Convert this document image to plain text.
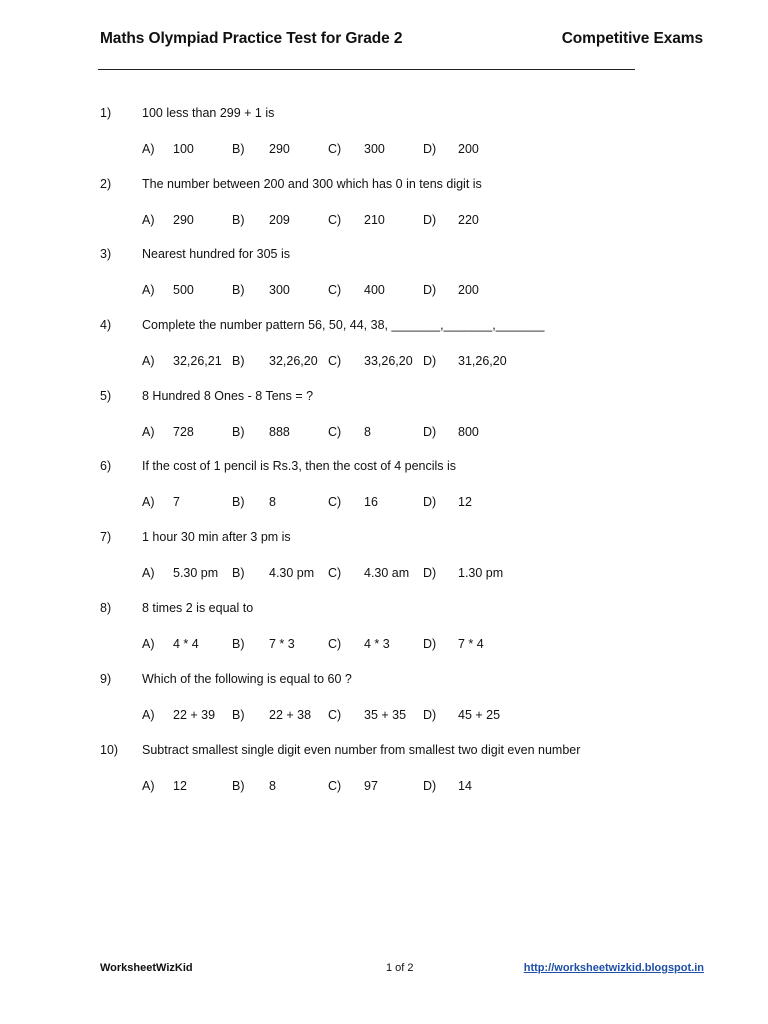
Maths Olympiad Practice Test for Grade 2	Competitive Exams
1) 100 less than 299 + 1 is
A) 100	B) 290	C) 300	D) 200
2) The number between 200 and 300 which has 0 in tens digit is
A) 290	B) 209	C) 210	D) 220
3) Nearest hundred for 305 is
A) 500	B) 300	C) 400	D) 200
4) Complete the number pattern 56, 50, 44, 38, _______,_______,_______
A) 32,26,21 B) 32,26,20 C) 33,26,20 D) 31,26,20
5) 8 Hundred 8 Ones - 8 Tens = ?
A) 728	B) 888	C) 8	D) 800
6) If the cost of 1 pencil is Rs.3, then the cost of 4 pencils is
A) 7	B) 8	C) 16	D) 12
7) 1 hour 30 min after 3 pm is
A) 5.30 pm B) 4.30 pm C) 4.30 am D) 1.30 pm
8) 8 times 2 is equal to
A) 4 * 4	B) 7 * 3	C) 4 * 3	D) 7 * 4
9) Which of the following is equal to 60 ?
A) 22 + 39 B) 22 + 38 C) 35 + 35 D) 45 + 25
10) Subtract smallest single digit even number from smallest two digit even number
A) 12	B) 8	C) 97	D) 14
WorksheetWizKid	1 of 2	http://worksheetwizkid.blogspot.in
